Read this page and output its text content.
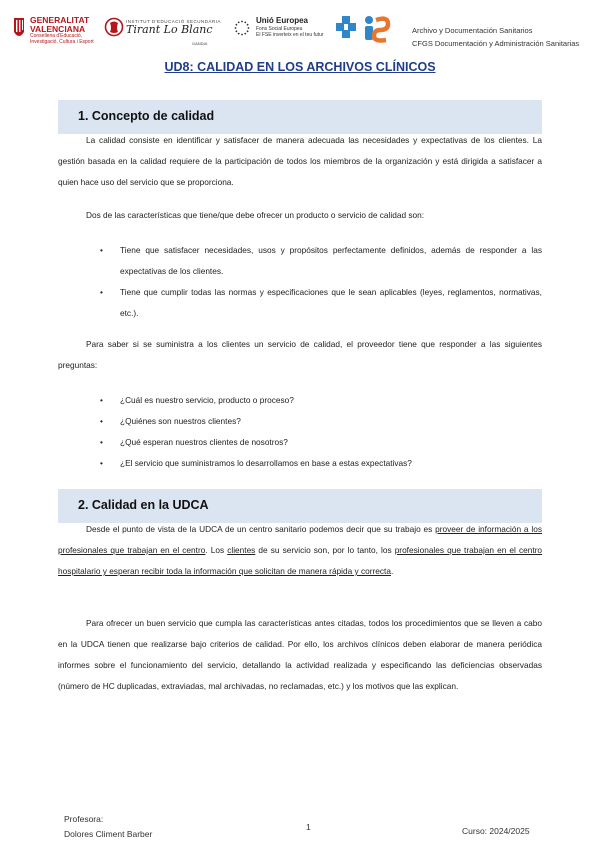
GENERALITAT
VALENCIANA
Conselleria d'Educació,
Investigació, Cultura i Esport
INSTITUT D'EDUCACIÓ SECUNDÀRIA
Tirant Lo Blanc
GANDIA
Unió Europea
Fons Social Europeu
El FSE inverteix en el teu futur	Archivo y Documentación Sanitarios
CFGS Documentación y Administración Sanitarias
UD8: CALIDAD EN LOS ARCHIVOS CLÍNICOS
1. Concepto de calidad
La calidad consiste en identificar y satisfacer de manera adecuada las necesidades y expectativas de los clientes. La gestión basada en la calidad requiere de la participación de todos los miembros de la organización y está dirigida a satisfacer a quien hace uso del servicio que se proporciona.
Dos de las características que tiene/que debe ofrecer un producto o servicio de calidad son:
• Tiene que satisfacer necesidades, usos y propósitos perfectamente definidos, además de responder a las expectativas de los clientes.
• Tiene que cumplir todas las normas y especificaciones que le sean aplicables (leyes, reglamentos, normativas, etc.).
Para saber si se suministra a los clientes un servicio de calidad, el proveedor tiene que responder a las siguientes preguntas:
• ¿Cuál es nuestro servicio, producto o proceso?
• ¿Quiénes son nuestros clientes?
• ¿Qué esperan nuestros clientes de nosotros?
• ¿El servicio que suministramos lo desarrollamos en base a estas expectativas?
2. Calidad en la UDCA
Desde el punto de vista de la UDCA de un centro sanitario podemos decir que su trabajo es proveer de información a los profesionales que trabajan en el centro. Los clientes de su servicio son, por lo tanto, los profesionales que trabajan en el centro hospitalario y esperan recibir toda la información que solicitan de manera rápida y correcta.
Para ofrecer un buen servicio que cumpla las características antes citadas, todos los procedimientos que se lleven a cabo en la UDCA tienen que realizarse bajo criterios de calidad. Por ello, los archivos clínicos deben elaborar de manera periódica informes sobre el funcionamiento del servicio, detallando la actividad realizada y especificando las deficiencias observadas (número de HC duplicadas, extraviadas, mal archivadas, no reclamadas, etc.) y los motivos que las explican.
Profesora:
Dolores Climent Barber
1	Curso: 2024/2025
